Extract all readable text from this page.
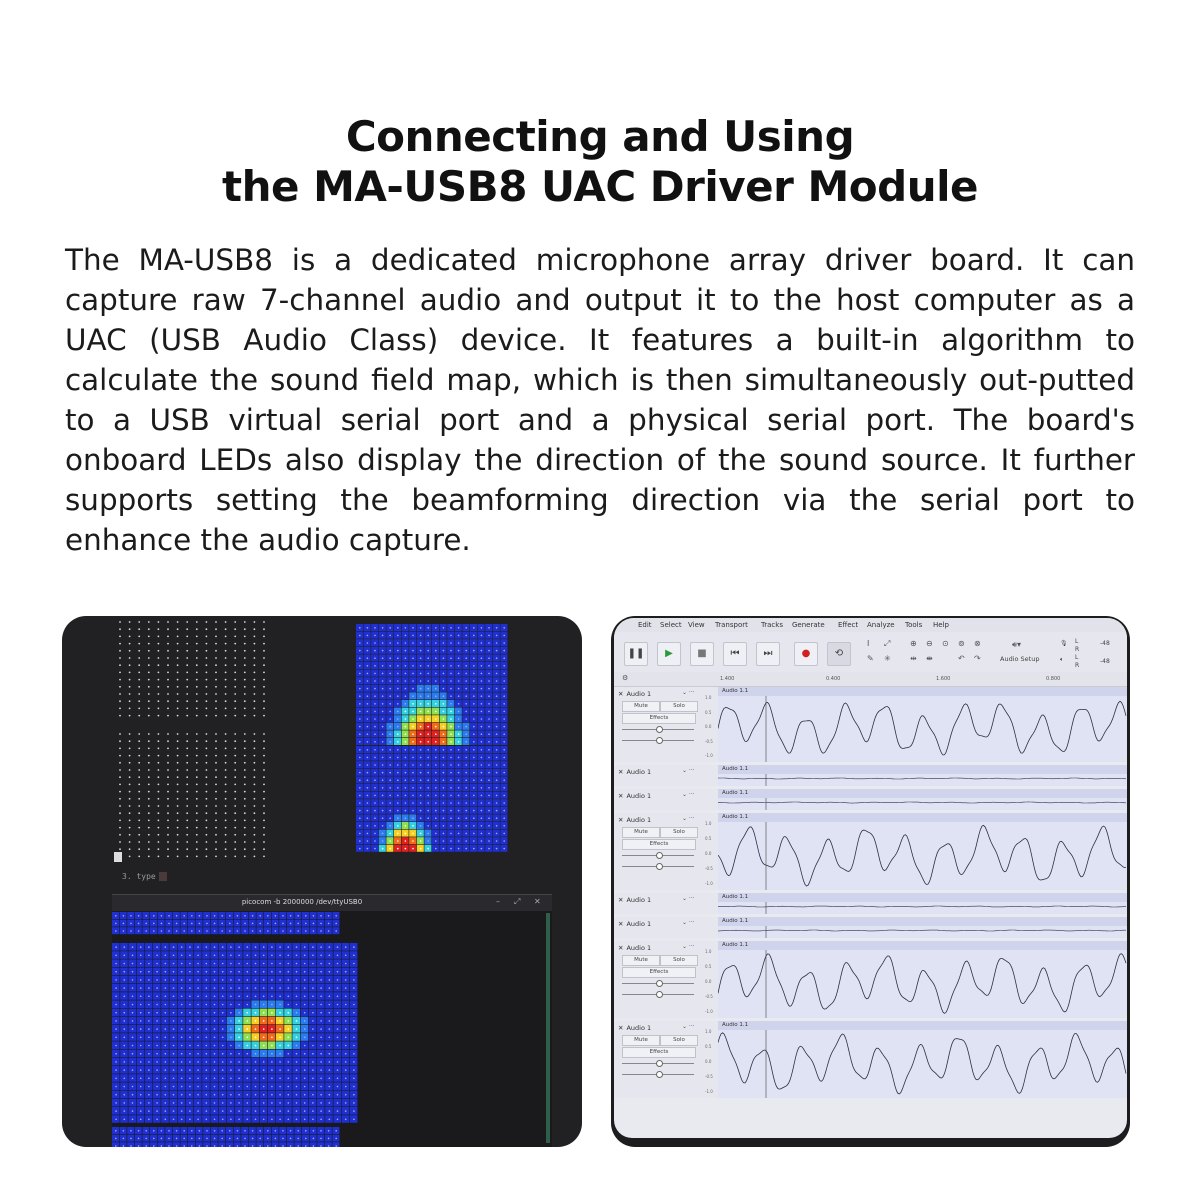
Connecting and Using
the MA-USB8 UAC Driver Module
The MA-USB8 is a dedicated microphone array driver board. It can capture raw 7-channel audio and output it to the host computer as a UAC (USB Audio Class) device. It features a built-in algorithm to calculate the sound field map, which is then simultaneously out-putted to a USB virtual serial port and a physical serial port. The board's onboard LEDs also display the direction of the sound source. It further supports setting the beamforming direction via the serial port to enhance the audio capture.
3. type
picocom -b 2000000 /dev/ttyUSB0	– ⤢ ✕
Edit Select View Transport Tracks Generate Effect Analyze Tools Help
❚❚	▶	■	⏮	⏭	●	⟲
I ⤢
✎ ✳
⊕ ⊖ ⊙ ⊚ ⊗
⇹ ⇼	↶ ↷
🔊︎▾
Audio Setup
🎙︎ L
R
-48
🔈︎ L
R
-48
⚙	1.400	0.400	1.600	0.800
✕ Audio 1	⌄ ···
Mute	Solo
Effects
1.0
0.5
0.0
-0.5
-1.0
Audio 1.1
✕ Audio 1	⌄ ···	Audio 1.1
✕ Audio 1	⌄ ···	Audio 1.1
✕ Audio 1	⌄ ···
Mute	Solo
Effects
1.0
0.5
0.0
-0.5
-1.0
Audio 1.1
✕ Audio 1	⌄ ···	Audio 1.1
✕ Audio 1	⌄ ···	Audio 1.1
✕ Audio 1	⌄ ···
Mute	Solo
Effects
1.0
0.5
0.0
-0.5
-1.0
Audio 1.1
✕ Audio 1	⌄ ···
Mute	Solo
Effects
1.0
0.5
0.0
-0.5
-1.0
Audio 1.1
